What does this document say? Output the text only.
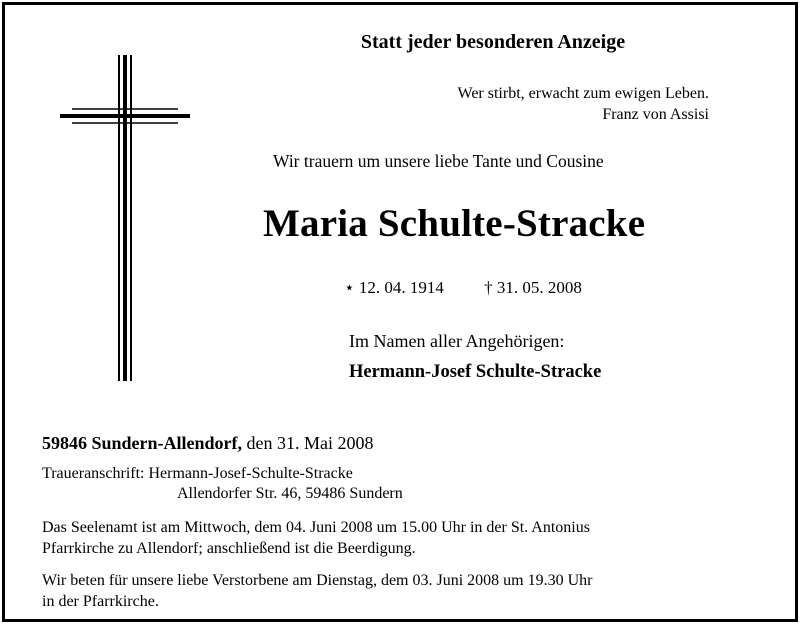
Statt jeder besonderen Anzeige
Wer stirbt, erwacht zum ewigen Leben.
Franz von Assisi
Wir trauern um unsere liebe Tante und Cousine
Maria Schulte-Stracke
⋆ 12. 04. 1914 † 31. 05. 2008
Im Namen aller Angehörigen:
Hermann-Josef Schulte-Stracke
59846 Sundern-Allendorf, den 31. Mai 2008
Traueranschrift: Hermann-Josef-Schulte-Stracke
Allendorfer Str. 46, 59486 Sundern
Das Seelenamt ist am Mittwoch, dem 04. Juni 2008 um 15.00 Uhr in der St. Antonius
Pfarrkirche zu Allendorf; anschließend ist die Beerdigung.
Wir beten für unsere liebe Verstorbene am Dienstag, dem 03. Juni 2008 um 19.30 Uhr
in der Pfarrkirche.
